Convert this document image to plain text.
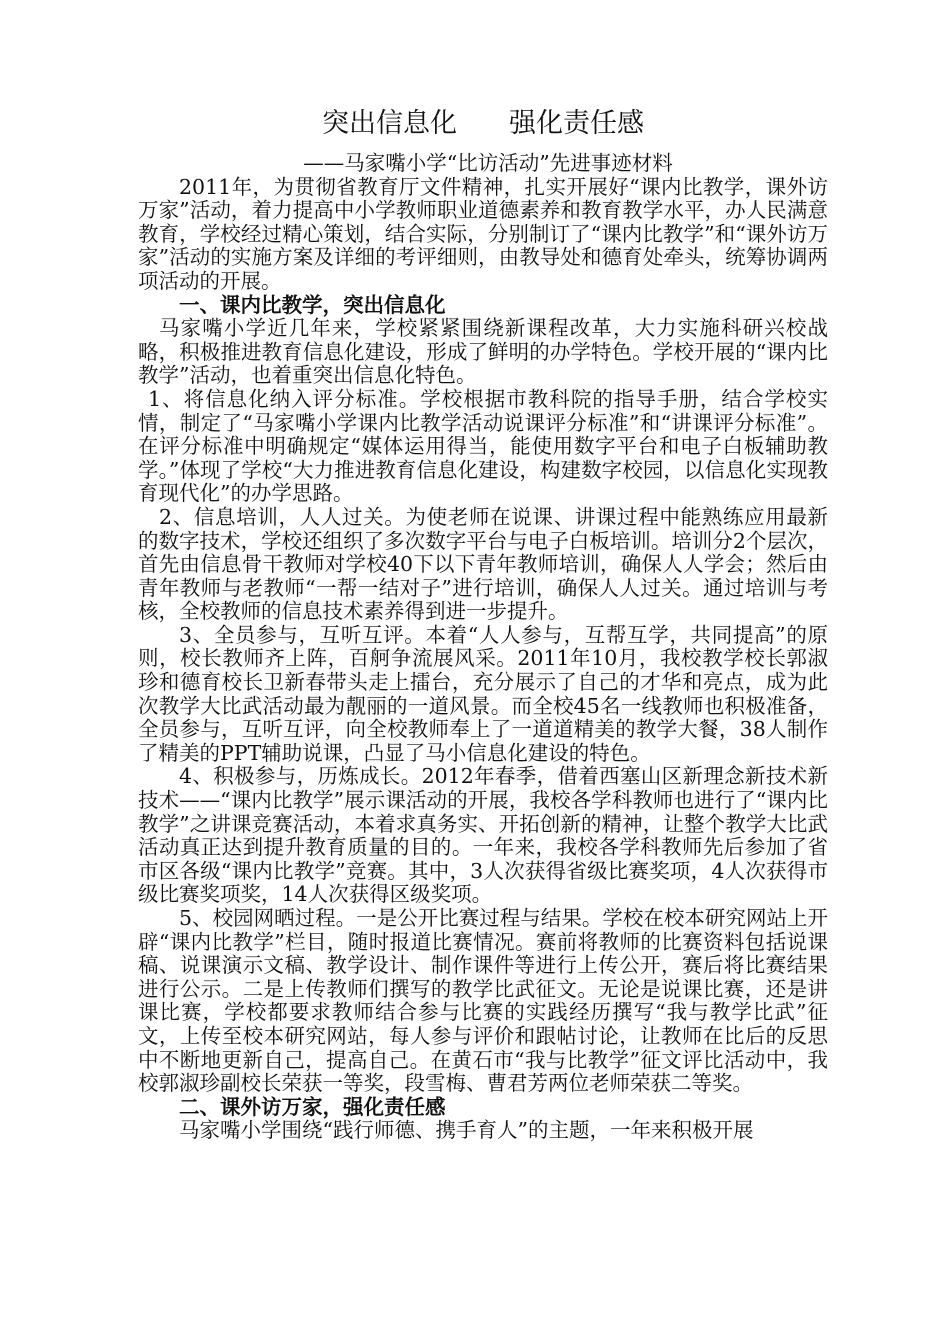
突出信息化 强化责任感

——马家嘴小学“比访活动”先进事迹材料

2011年，为贯彻省教育厅文件精神，扎实开展好“课内比教学，课外访万家”活动，着力提高中小学教师职业道德素养和教育教学水平，办人民满意教育，学校经过精心策划，结合实际，分别制订了“课内比教学”和“课外访万家”活动的实施方案及详细的考评细则，由教导处和德育处牵头，统筹协调两项活动的开展。

一、课内比教学，突出信息化

马家嘴小学近几年来，学校紧紧围绕新课程改革，大力实施科研兴校战略，积极推进教育信息化建设，形成了鲜明的办学特色。学校开展的“课内比教学”活动，也着重突出信息化特色。

1、将信息化纳入评分标准。学校根据市教科院的指导手册，结合学校实情，制定了“马家嘴小学课内比教学活动说课评分标准”和“讲课评分标准”。在评分标准中明确规定“媒体运用得当，能使用数字平台和电子白板辅助教学。”体现了学校“大力推进教育信息化建设，构建数字校园，以信息化实现教育现代化”的办学思路。

2、信息培训，人人过关。为使老师在说课、讲课过程中能熟练应用最新的数字技术，学校还组织了多次数字平台与电子白板培训。培训分2个层次，首先由信息骨干教师对学校40下以下青年教师培训，确保人人学会；然后由青年教师与老教师“一帮一结对子”进行培训，确保人人过关。通过培训与考核，全校教师的信息技术素养得到进一步提升。

3、全员参与，互听互评。本着“人人参与，互帮互学，共同提高”的原则，校长教师齐上阵，百舸争流展风采。2011年10月，我校教学校长郭淑珍和德育校长卫新春带头走上擂台，充分展示了自己的才华和亮点，成为此次教学大比武活动最为靓丽的一道风景。而全校45名一线教师也积极准备，全员参与，互听互评，向全校教师奉上了一道道精美的教学大餐，38人制作了精美的PPT辅助说课，凸显了马小信息化建设的特色。

4、积极参与，历炼成长。2012年春季，借着西塞山区新理念新技术新技术——“课内比教学”展示课活动的开展，我校各学科教师也进行了“课内比教学”之讲课竞赛活动，本着求真务实、开拓创新的精神，让整个教学大比武活动真正达到提升教育质量的目的。一年来，我校各学科教师先后参加了省市区各级“课内比教学”竞赛。其中，3人次获得省级比赛奖项，4人次获得市级比赛奖项奖，14人次获得区级奖项。

5、校园网晒过程。一是公开比赛过程与结果。学校在校本研究网站上开辟“课内比教学”栏目，随时报道比赛情况。赛前将教师的比赛资料包括说课稿、说课演示文稿、教学设计、制作课件等进行上传公开，赛后将比赛结果进行公示。二是上传教师们撰写的教学比武征文。无论是说课比赛，还是讲课比赛，学校都要求教师结合参与比赛的实践经历撰写“我与教学比武”征文，上传至校本研究网站，每人参与评价和跟帖讨论，让教师在比后的反思中不断地更新自己，提高自己。在黄石市“我与比教学”征文评比活动中，我校郭淑珍副校长荣获一等奖，段雪梅、曹君芳两位老师荣获二等奖。

二、课外访万家，强化责任感

马家嘴小学围绕“践行师德、携手育人”的主题，一年来积极开展
